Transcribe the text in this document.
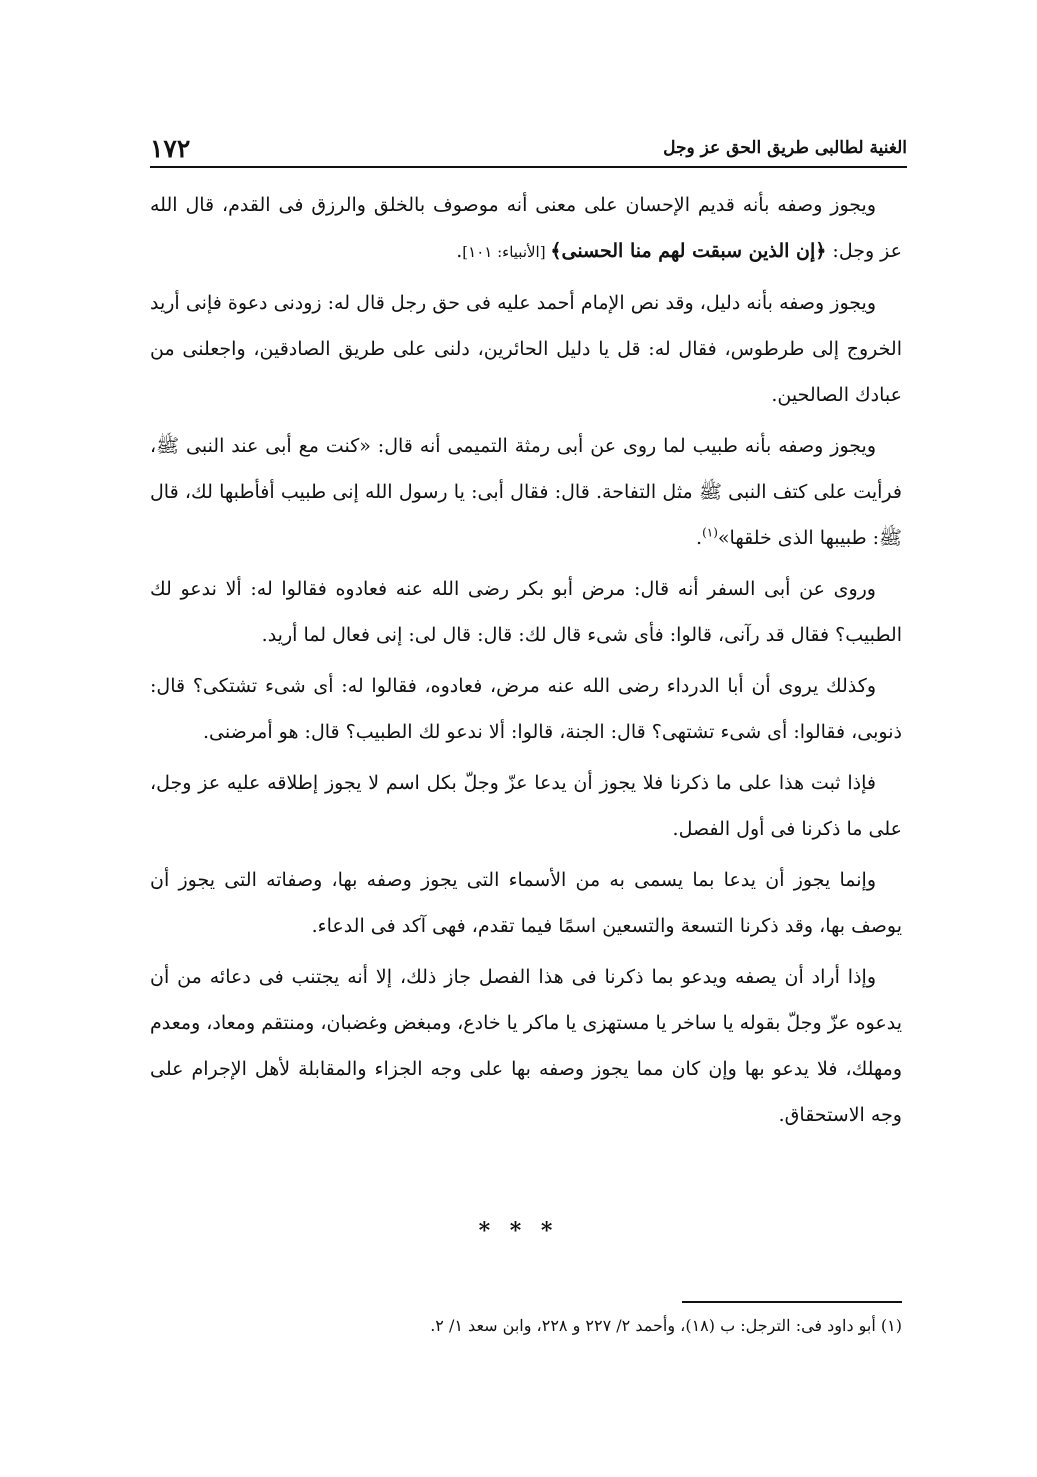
الغنية لطالبى طريق الحق عز وجل
١٧٢

ويجوز وصفه بأنه قديم الإحسان على معنى أنه موصوف بالخلق والرزق فى القدم، قال الله عز وجل: ﴿إن الذين سبقت لهم منا الحسنى﴾ [الأنبياء: ١٠١].

ويجوز وصفه بأنه دليل، وقد نص الإمام أحمد عليه فى حق رجل قال له: زودنى دعوة فإنى أريد الخروج إلى طرطوس، فقال له: قل يا دليل الحائرين، دلنى على طريق الصادقين، واجعلنى من عبادك الصالحين.

ويجوز وصفه بأنه طبيب لما روى عن أبى رمثة التميمى أنه قال: «كنت مع أبى عند النبى ﷺ، فرأيت على كتف النبى ﷺ مثل التفاحة. قال: فقال أبى: يا رسول الله إنى طبيب أفأطبها لك، قال ﷺ: طبيبها الذى خلقها»$^{(١)}$.

وروى عن أبى السفر أنه قال: مرض أبو بكر رضى الله عنه فعادوه فقالوا له: ألا ندعو لك الطبيب؟ فقال قد رآنى، قالوا: فأى شىء قال لك: قال: قال لى: إنى فعال لما أريد.

وكذلك يروى أن أبا الدرداء رضى الله عنه مرض، فعادوه، فقالوا له: أى شىء تشتكى؟ قال: ذنوبى، فقالوا: أى شىء تشتهى؟ قال: الجنة، قالوا: ألا ندعو لك الطبيب؟ قال: هو أمرضنى.

فإذا ثبت هذا على ما ذكرنا فلا يجوز أن يدعا عزّ وجلّ بكل اسم لا يجوز إطلاقه عليه عز وجل، على ما ذكرنا فى أول الفصل.

وإنما يجوز أن يدعا بما يسمى به من الأسماء التى يجوز وصفه بها، وصفاته التى يجوز أن يوصف بها، وقد ذكرنا التسعة والتسعين اسمًا فيما تقدم، فهى آكد فى الدعاء.

وإذا أراد أن يصفه ويدعو بما ذكرنا فى هذا الفصل جاز ذلك، إلا أنه يجتنب فى دعائه من أن يدعوه عزّ وجلّ بقوله يا ساخر يا مستهزى يا ماكر يا خادع، ومبغض وغضبان، ومنتقم ومعاد، ومعدم ومهلك، فلا يدعو بها وإن كان مما يجوز وصفه بها على وجه الجزاء والمقابلة لأهل الإجرام على وجه الاستحقاق.

* * *
(١) أبو داود فى: الترجل: ب (١٨)، وأحمد ٢/ ٢٢٧ و ٢٢٨، وابن سعد ١/ ٢.
